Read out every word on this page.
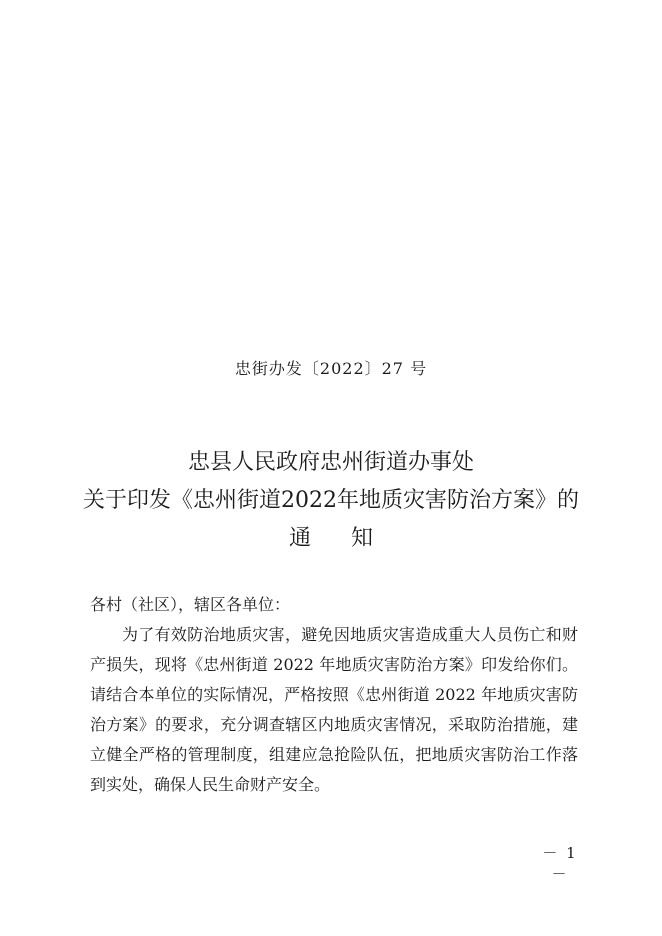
忠街办发〔2022〕27 号
忠县人民政府忠州街道办事处
关于印发《忠州街道2022年地质灾害防治方案》的
通知
各村（社区），辖区各单位：
为了有效防治地质灾害，避免因地质灾害造成重大人员伤亡和财产损失，现将《忠州街道 2022 年地质灾害防治方案》印发给你们。请结合本单位的实际情况，严格按照《忠州街道 2022 年地质灾害防治方案》的要求，充分调查辖区内地质灾害情况，采取防治措施，建立健全严格的管理制度，组建应急抢险队伍，把地质灾害防治工作落到实处，确保人民生命财产安全。
－ 1 －
